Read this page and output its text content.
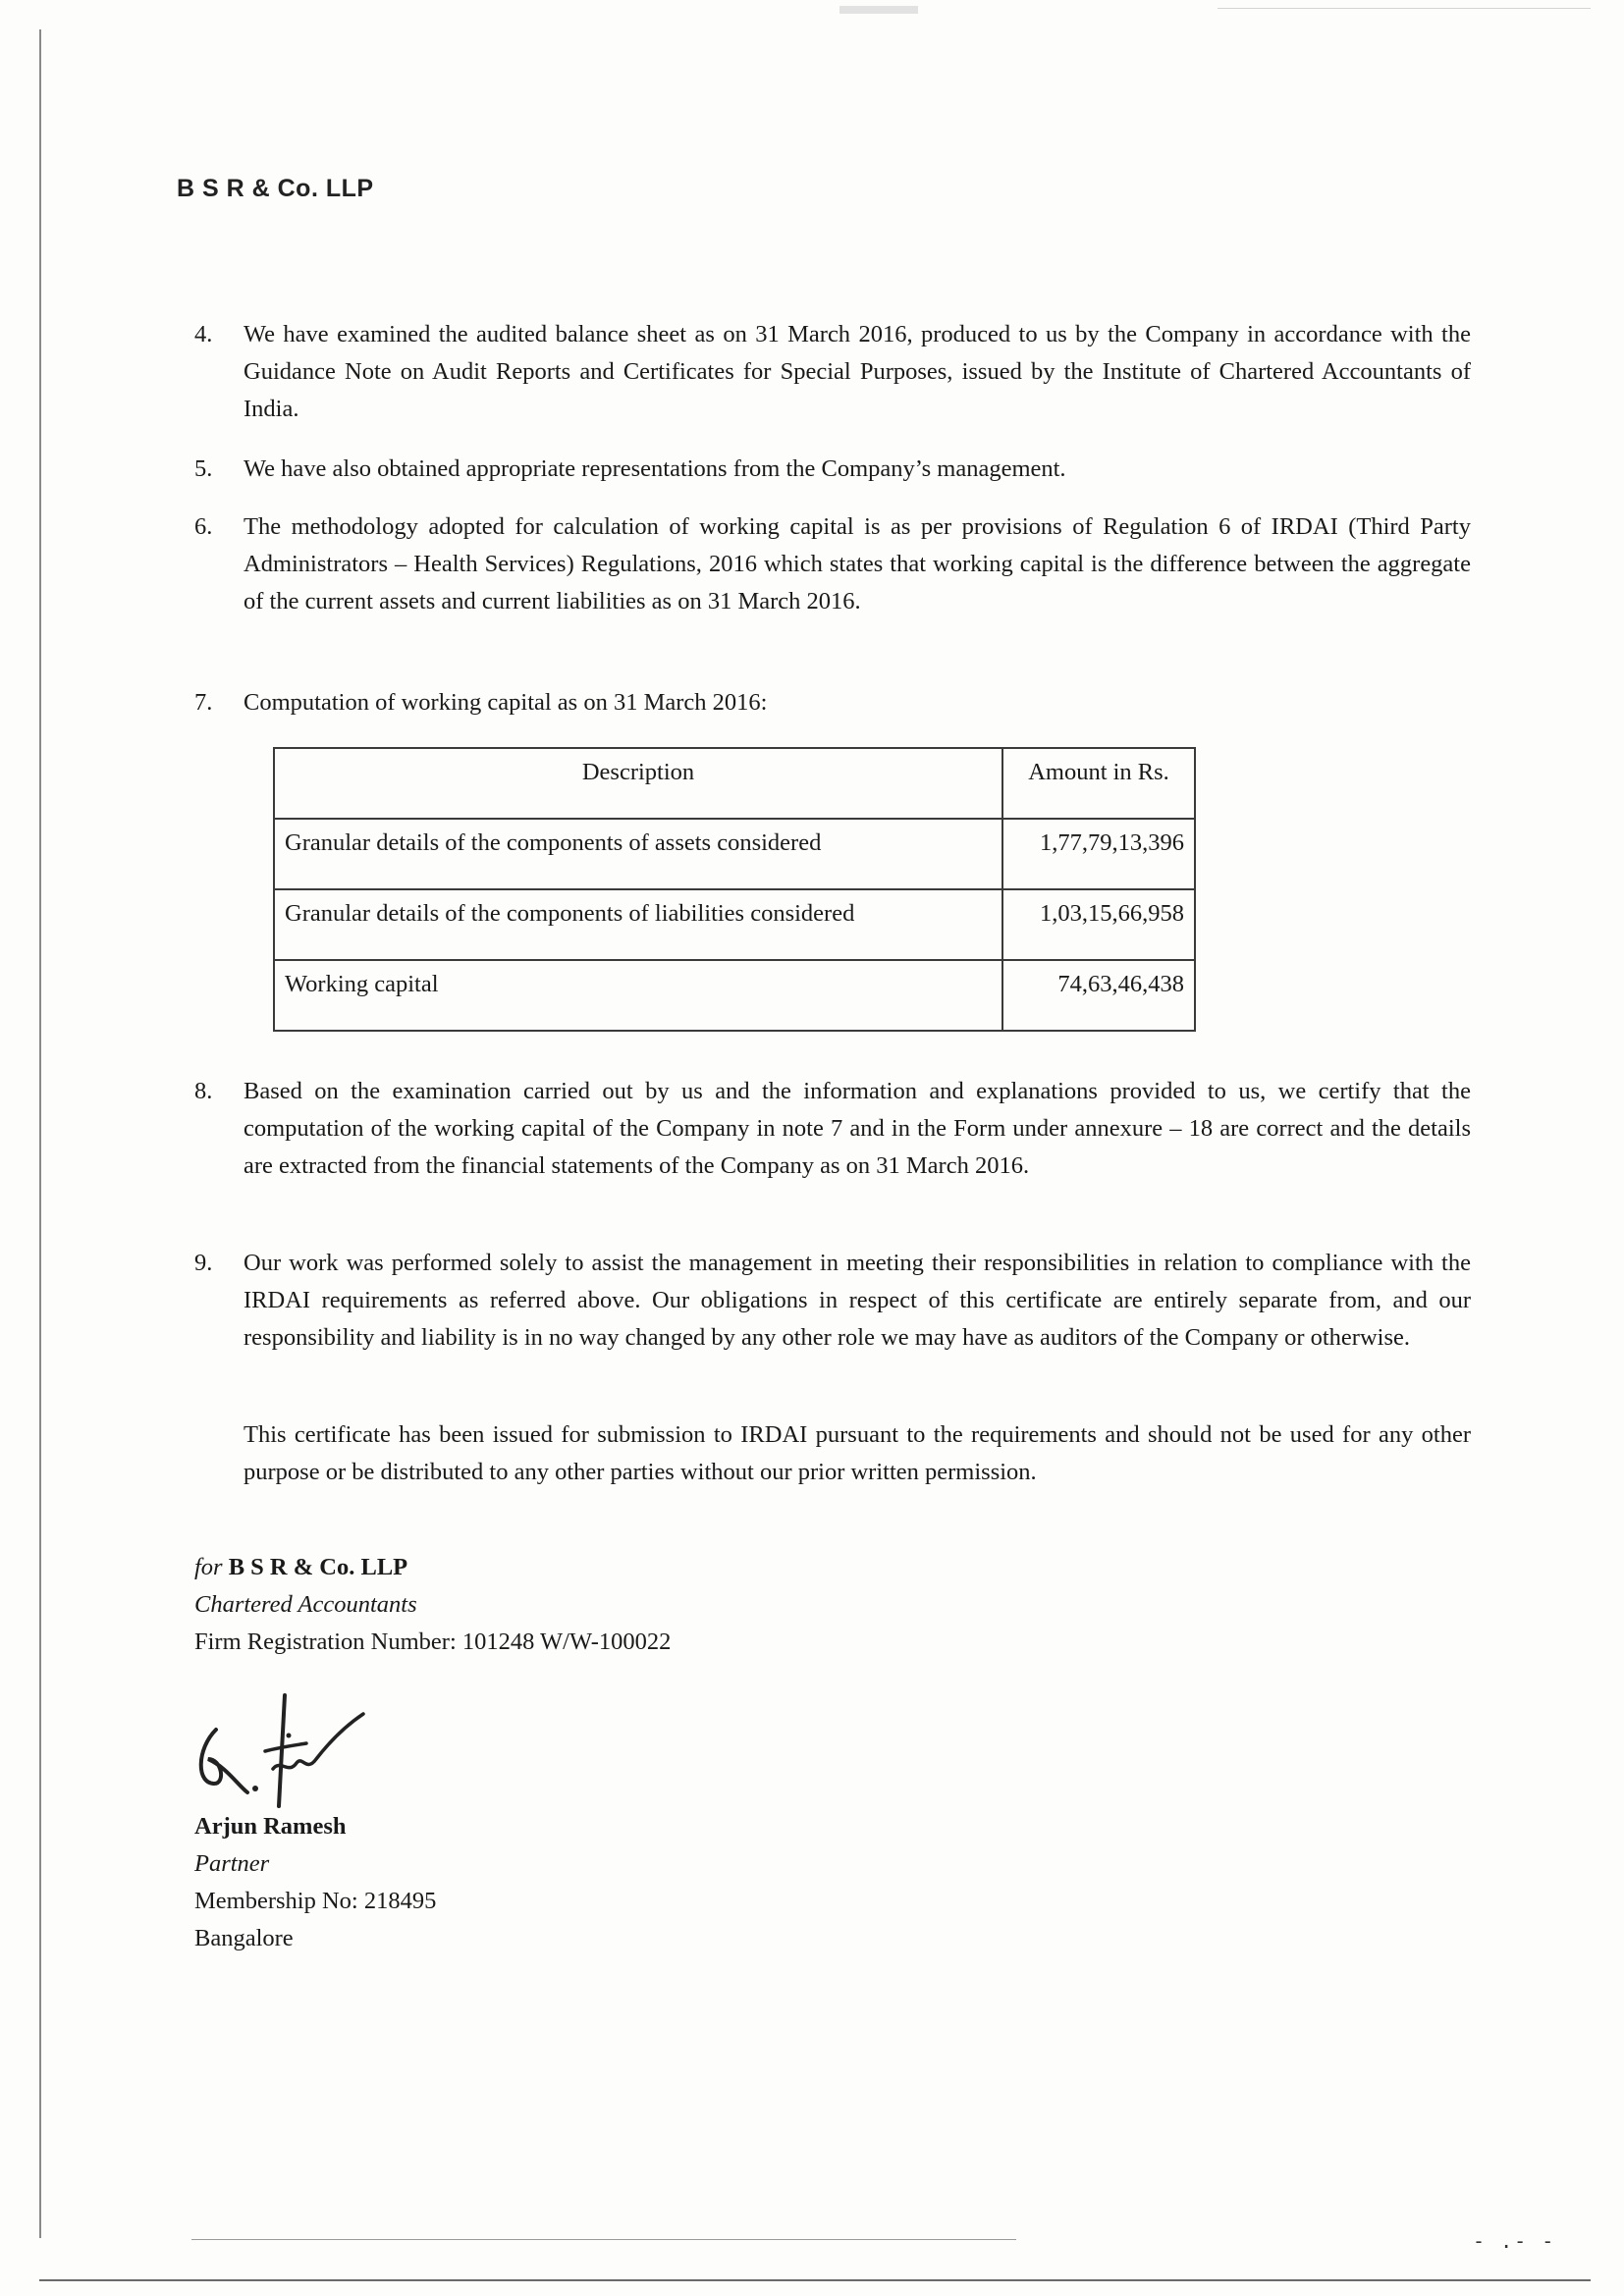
- .- -
B S R & Co. LLP
4.	We have examined the audited balance sheet as on 31 March 2016, produced to us by the Company in accordance with the Guidance Note on Audit Reports and Certificates for Special Purposes, issued by the Institute of Chartered Accountants of India.
5.	We have also obtained appropriate representations from the Company’s management.
6.	The methodology adopted for calculation of working capital is as per provisions of Regulation 6 of IRDAI (Third Party Administrators – Health Services) Regulations, 2016 which states that working capital is the difference between the aggregate of the current assets and current liabilities as on 31 March 2016.
7.	Computation of working capital as on 31 March 2016:
Description	Amount in Rs.
Granular details of the components of assets considered	1,77,79,13,396
Granular details of the components of liabilities considered	1,03,15,66,958
Working capital	74,63,46,438
8.	Based on the examination carried out by us and the information and explanations provided to us, we certify that the computation of the working capital of the Company in note 7 and in the Form under annexure – 18 are correct and the details are extracted from the financial statements of the Company as on 31 March 2016.
9.	Our work was performed solely to assist the management in meeting their responsibilities in relation to compliance with the IRDAI requirements as referred above. Our obligations in respect of this certificate are entirely separate from, and our responsibility and liability is in no way changed by any other role we may have as auditors of the Company or otherwise.
This certificate has been issued for submission to IRDAI pursuant to the requirements and should not be used for any other purpose or be distributed to any other parties without our prior written permission.
for B S R & Co. LLP
Chartered Accountants
Firm Registration Number: 101248 W/W-100022
Arjun Ramesh
Partner
Membership No: 218495
Bangalore
